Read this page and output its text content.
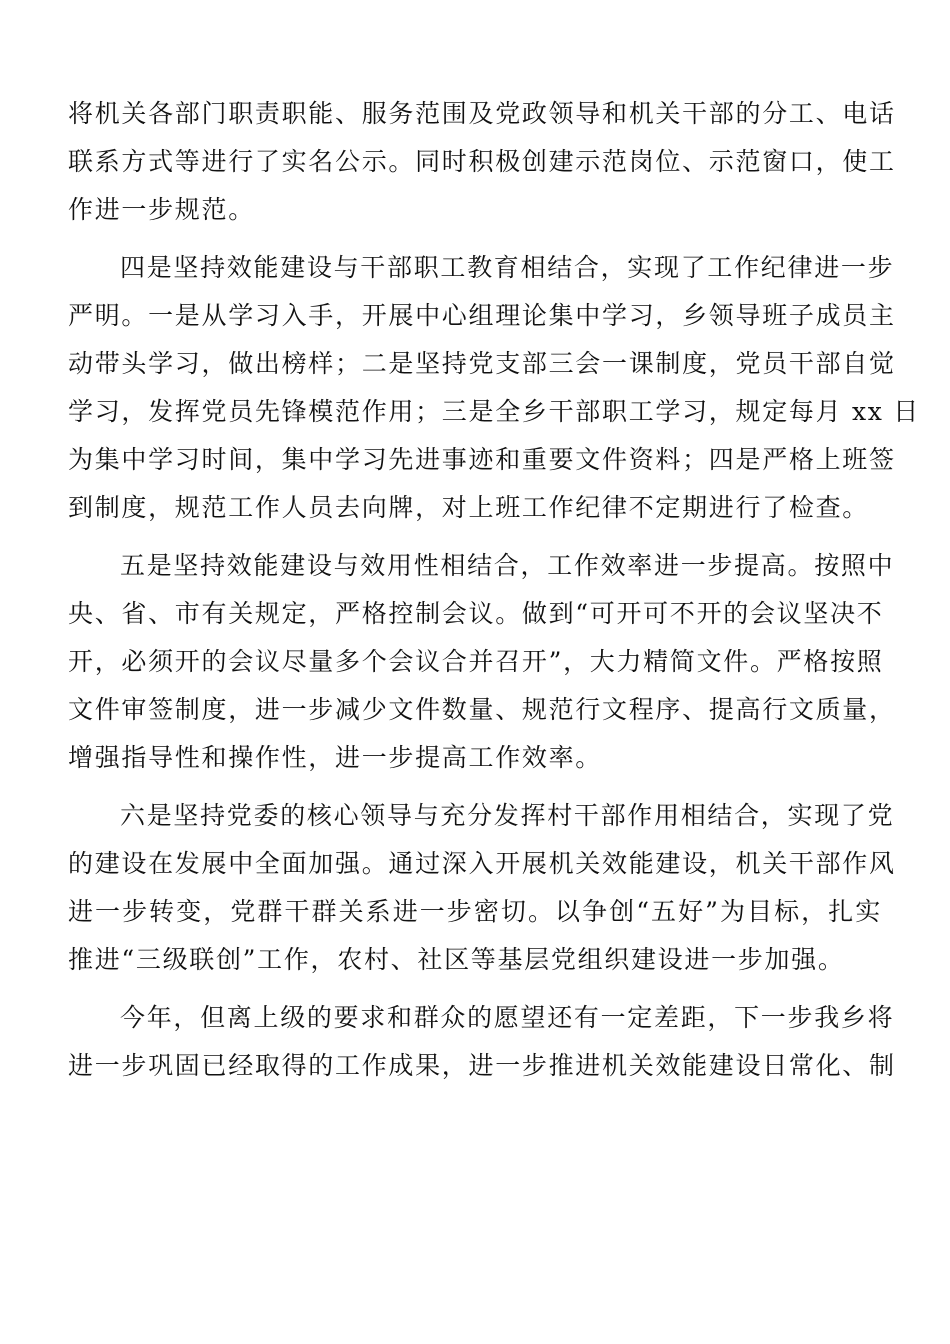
将机关各部门职责职能、服务范围及党政领导和机关干部的分工、电话
联系方式等进行了实名公示。同时积极创建示范岗位、示范窗口，使工
作进一步规范。
四是坚持效能建设与干部职工教育相结合，实现了工作纪律进一步
严明。一是从学习入手，开展中心组理论集中学习，乡领导班子成员主
动带头学习，做出榜样；二是坚持党支部三会一课制度，党员干部自觉
学习，发挥党员先锋模范作用；三是全乡干部职工学习，规定每月 xx 日
为集中学习时间，集中学习先进事迹和重要文件资料；四是严格上班签
到制度，规范工作人员去向牌，对上班工作纪律不定期进行了检查。
五是坚持效能建设与效用性相结合，工作效率进一步提高。按照中
央、省、市有关规定，严格控制会议。做到“可开可不开的会议坚决不
开，必须开的会议尽量多个会议合并召开”，大力精简文件。严格按照
文件审签制度，进一步减少文件数量、规范行文程序、提高行文质量，
增强指导性和操作性，进一步提高工作效率。
六是坚持党委的核心领导与充分发挥村干部作用相结合，实现了党
的建设在发展中全面加强。通过深入开展机关效能建设，机关干部作风
进一步转变，党群干群关系进一步密切。以争创“五好”为目标，扎实
推进“三级联创”工作，农村、社区等基层党组织建设进一步加强。
今年，但离上级的要求和群众的愿望还有一定差距，下一步我乡将
进一步巩固已经取得的工作成果，进一步推进机关效能建设日常化、制
